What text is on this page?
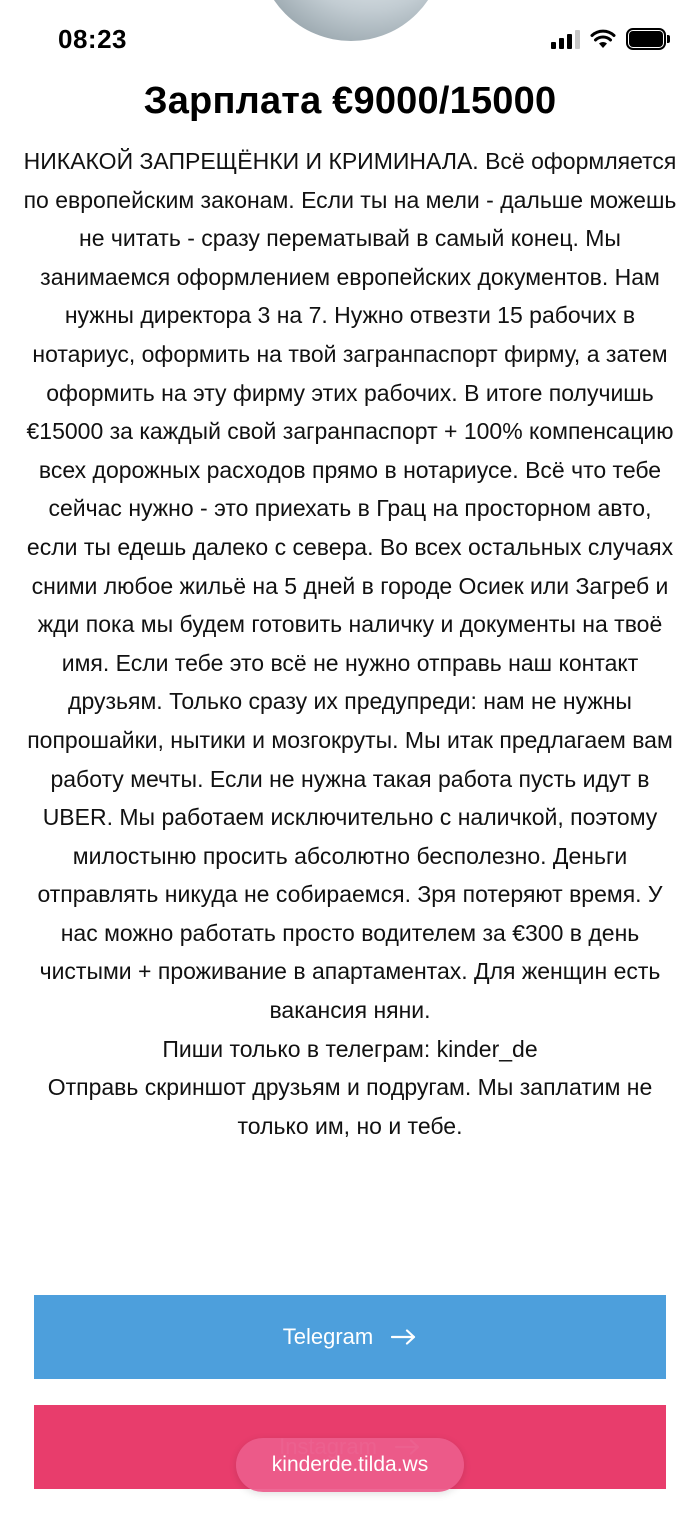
08:23
Зарплата €9000/15000

НИКАКОЙ ЗАПРЕЩЁНКИ И КРИМИНАЛА. Всё оформляется по европейским законам. Если ты на мели - дальше можешь не читать - сразу перематывай в самый конец. Мы занимаемся оформлением европейских документов. Нам нужны директора 3 на 7. Нужно отвезти 15 рабочих в нотариус, оформить на твой загранпаспорт фирму, а затем оформить на эту фирму этих рабочих. В итоге получишь €15000 за каждый свой загранпаспорт + 100% компенсацию всех дорожных расходов прямо в нотариусе. Всё что тебе сейчас нужно - это приехать в Грац на просторном авто, если ты едешь далеко с севера. Во всех остальных случаях сними любое жильё на 5 дней в городе Осиек или Загреб и жди пока мы будем готовить наличку и документы на твоё имя. Если тебе это всё не нужно отправь наш контакт друзьям. Только сразу их предупреди: нам не нужны попрошайки, нытики и мозгокруты. Мы итак предлагаем вам работу мечты. Если не нужна такая работа пусть идут в UBER. Мы работаем исключительно с наличкой, поэтому милостыню просить абсолютно бесполезно. Деньги отправлять никуда не собираемся. Зря потеряют время. У нас можно работать просто водителем за €300 в день чистыми + проживание в апартаментах. Для женщин есть вакансия няни.

Пиши только в телеграм: kinder_de

Отправь скриншот друзьям и подругам. Мы заплатим не только им, но и тебе.

Telegram
kinderde.tilda.ws
